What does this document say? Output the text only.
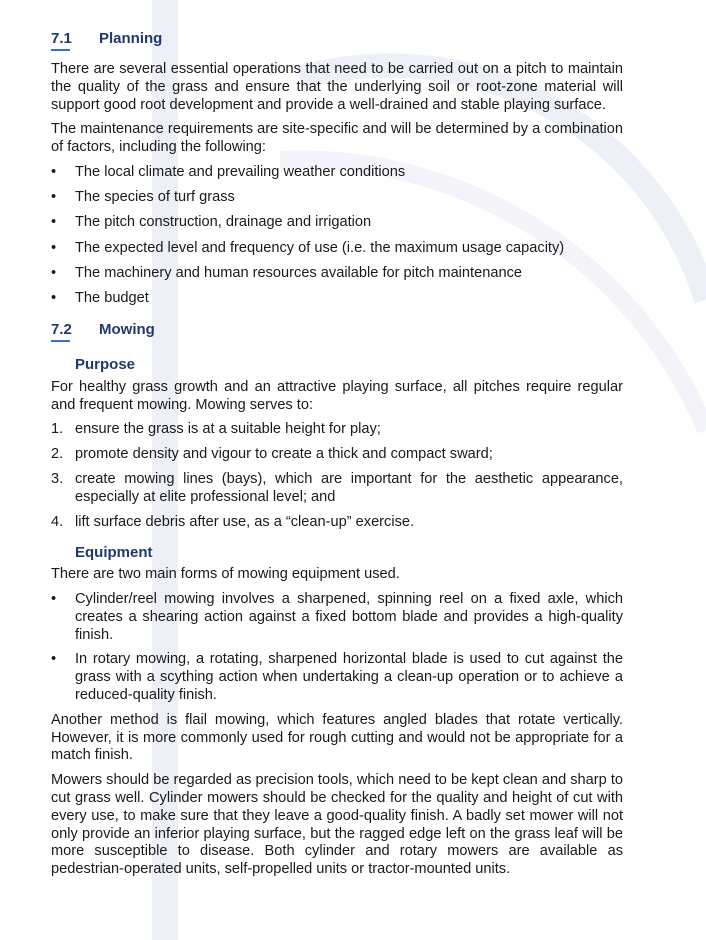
7.1	Planning

There are several essential operations that need to be carried out on a pitch to maintain the quality of the grass and ensure that the underlying soil or root-zone material will support good root development and provide a well-drained and stable playing surface.

The maintenance requirements are site-specific and will be determined by a combination of factors, including the following:

•	The local climate and prevailing weather conditions
•	The species of turf grass
•	The pitch construction, drainage and irrigation
•	The expected level and frequency of use (i.e. the maximum usage capacity)
•	The machinery and human resources available for pitch maintenance
•	The budget
7.2	Mowing
Purpose

For healthy grass growth and an attractive playing surface, all pitches require regular and frequent mowing. Mowing serves to:

1. ensure the grass is at a suitable height for play;
2. promote density and vigour to create a thick and compact sward;
3. create mowing lines (bays), which are important for the aesthetic appearance, especially at elite professional level; and
4. lift surface debris after use, as a “clean-up” exercise.
Equipment

There are two main forms of mowing equipment used.

•	Cylinder/reel mowing involves a sharpened, spinning reel on a fixed axle, which creates a shearing action against a fixed bottom blade and provides a high-quality finish.
•	In rotary mowing, a rotating, sharpened horizontal blade is used to cut against the grass with a scything action when undertaking a clean-up operation or to achieve a reduced-quality finish.

Another method is flail mowing, which features angled blades that rotate vertically. However, it is more commonly used for rough cutting and would not be appropriate for a match finish.

Mowers should be regarded as precision tools, which need to be kept clean and sharp to cut grass well. Cylinder mowers should be checked for the quality and height of cut with every use, to make sure that they leave a good-quality finish. A badly set mower will not only provide an inferior playing surface, but the ragged edge left on the grass leaf will be more susceptible to disease. Both cylinder and rotary mowers are available as pedestrian-operated units, self-propelled units or tractor-mounted units.
